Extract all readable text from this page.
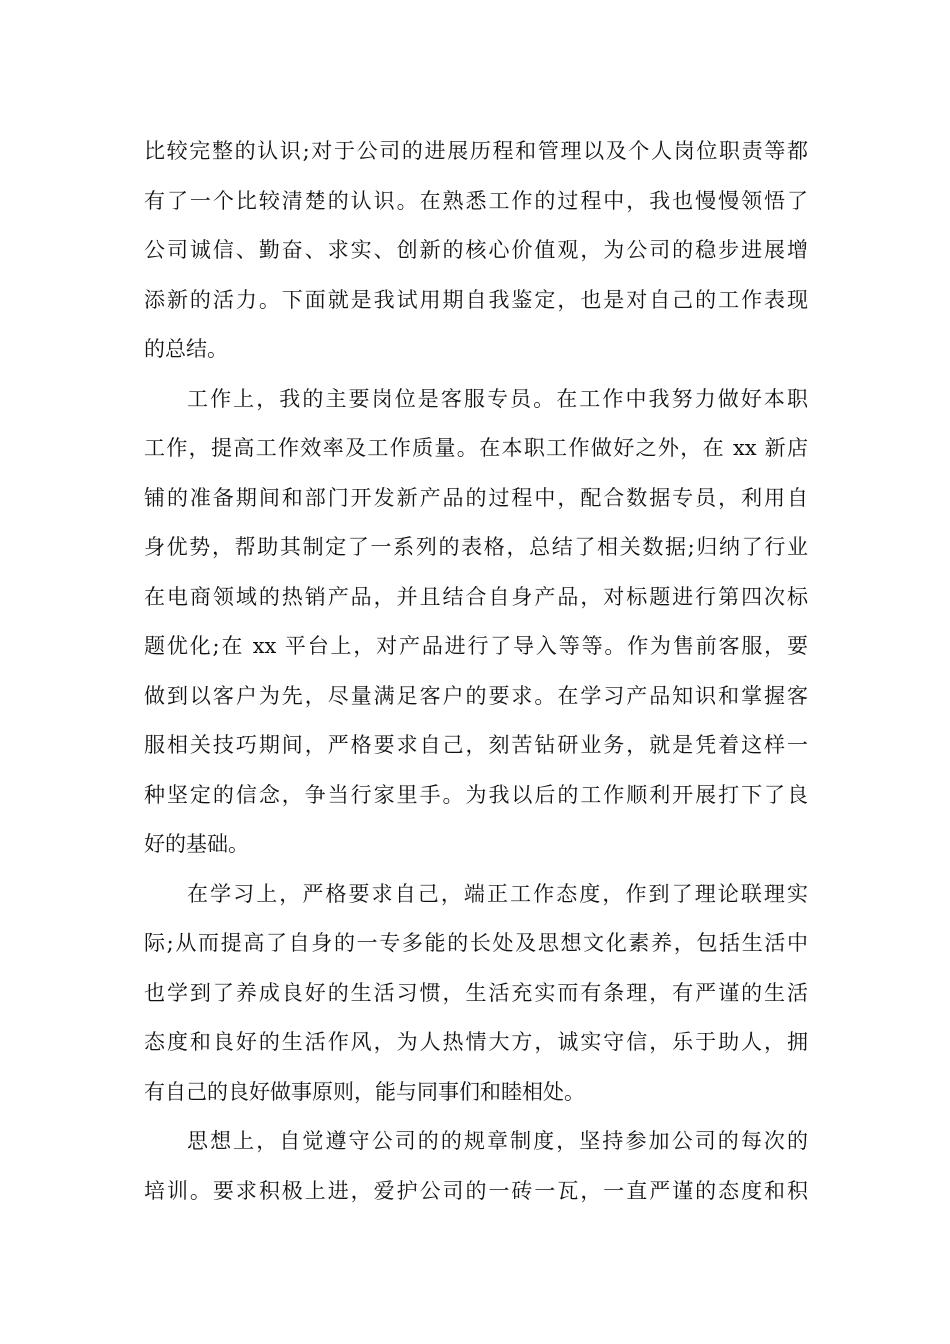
比较完整的认识;对于公司的进展历程和管理以及个人岗位职责等都
有了一个比较清楚的认识。在熟悉工作的过程中，我也慢慢领悟了
公司诚信、勤奋、求实、创新的核心价值观，为公司的稳步进展增
添新的活力。下面就是我试用期自我鉴定，也是对自己的工作表现
的总结。
工作上，我的主要岗位是客服专员。在工作中我努力做好本职
工作，提高工作效率及工作质量。在本职工作做好之外，在 xx 新店
铺的准备期间和部门开发新产品的过程中，配合数据专员，利用自
身优势，帮助其制定了一系列的表格，总结了相关数据;归纳了行业
在电商领域的热销产品，并且结合自身产品，对标题进行第四次标
题优化;在 xx 平台上，对产品进行了导入等等。作为售前客服，要
做到以客户为先，尽量满足客户的要求。在学习产品知识和掌握客
服相关技巧期间，严格要求自己，刻苦钻研业务，就是凭着这样一
种坚定的信念，争当行家里手。为我以后的工作顺利开展打下了良
好的基础。
在学习上，严格要求自己，端正工作态度，作到了理论联理实
际;从而提高了自身的一专多能的长处及思想文化素养，包括生活中
也学到了养成良好的生活习惯，生活充实而有条理，有严谨的生活
态度和良好的生活作风，为人热情大方，诚实守信，乐于助人，拥
有自己的良好做事原则，能与同事们和睦相处。
思想上，自觉遵守公司的的规章制度，坚持参加公司的每次的
培训。要求积极上进，爱护公司的一砖一瓦，一直严谨的态度和积
